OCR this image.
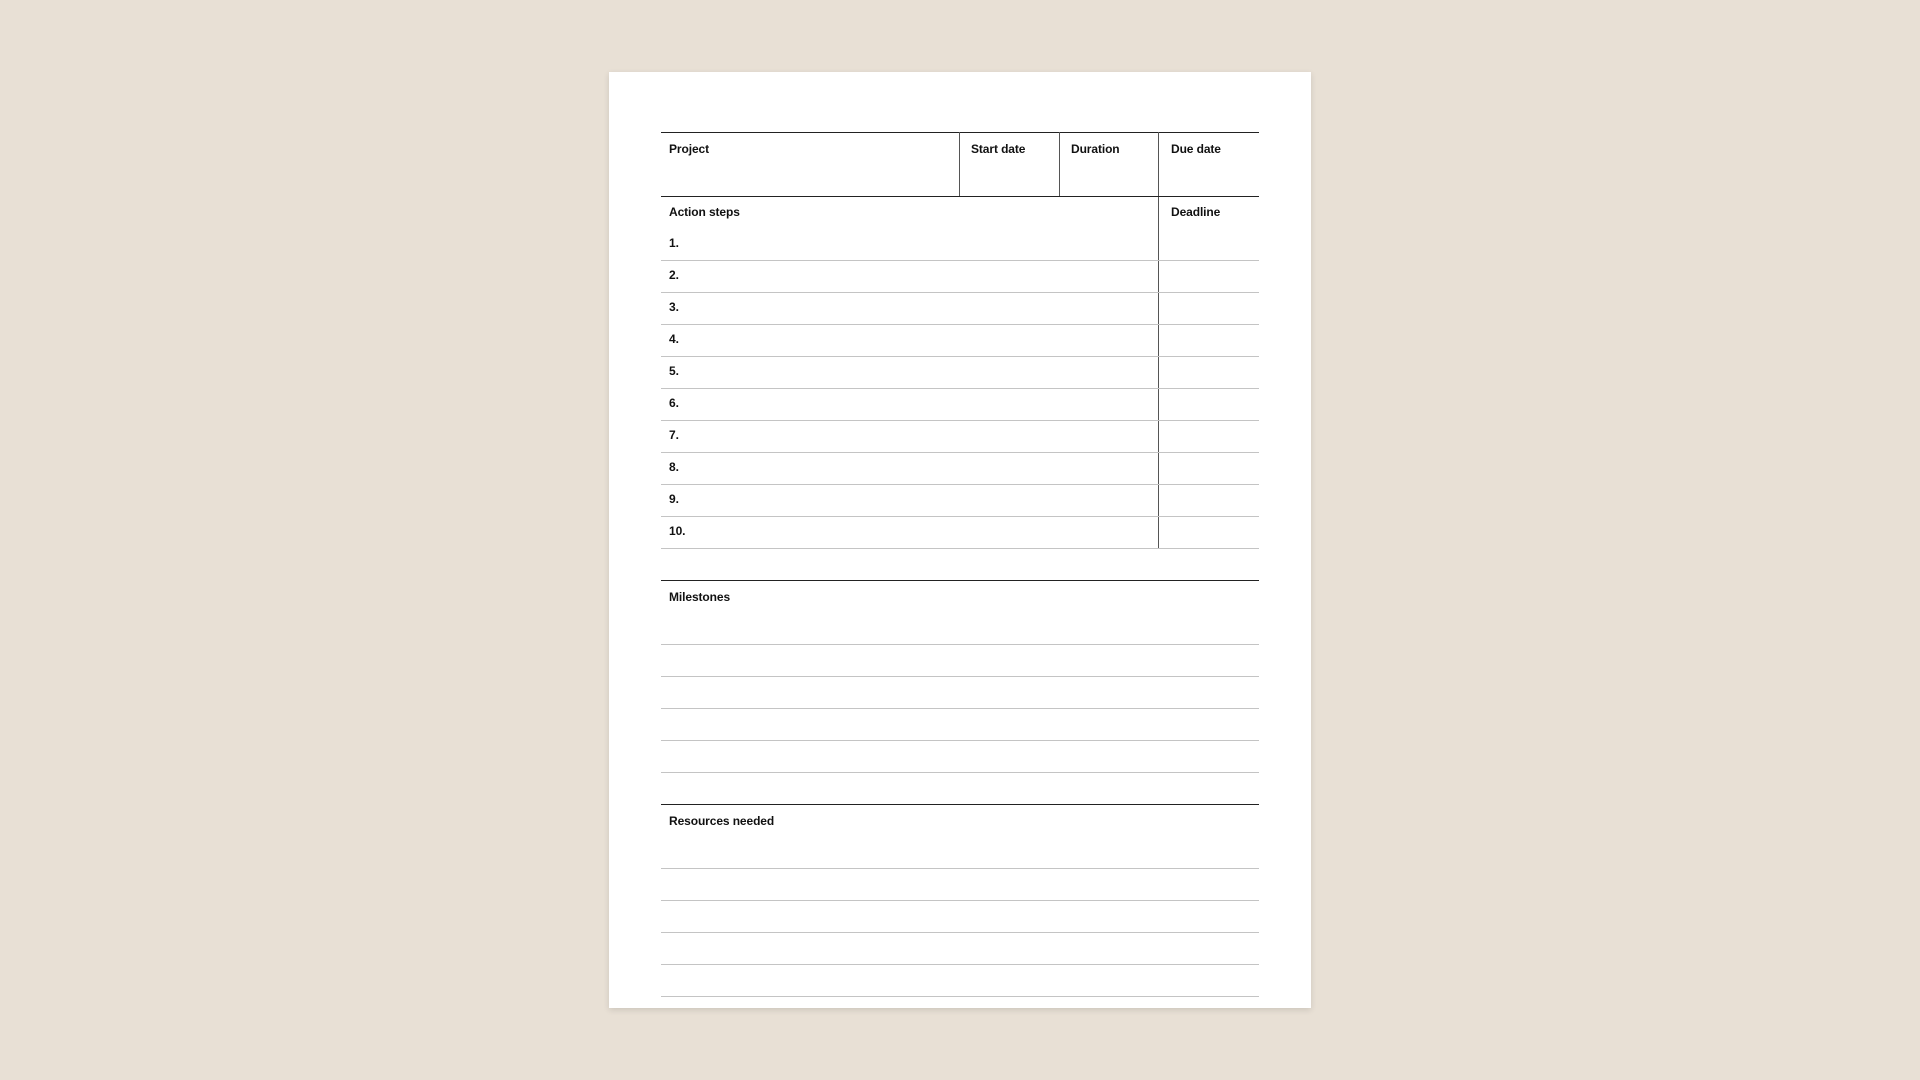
Project	Start date	Duration	Due date
Action steps	Deadline
1.
2.
3.
4.
5.
6.
7.
8.
9.
10.
Milestones
Resources needed
